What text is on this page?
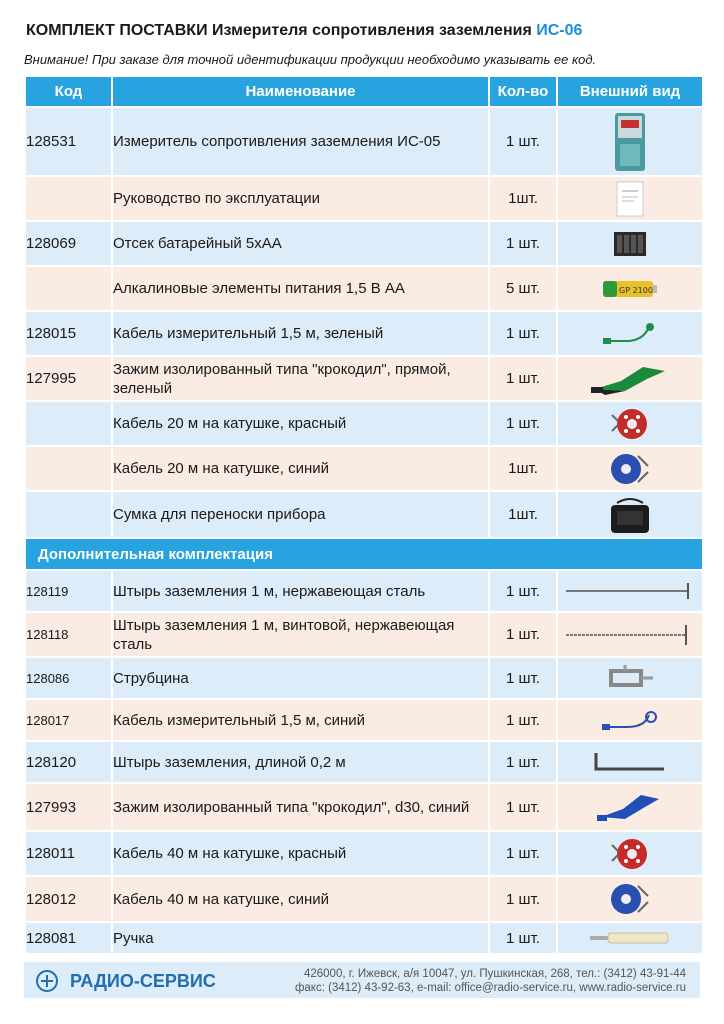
КОМПЛЕКТ ПОСТАВКИ Измерителя сопротивления заземления ИС-06
Внимание! При заказе для точной идентификации продукции необходимо указывать ее код.
Код	Наименование	Кол-во	Внешний вид
128531	Измеритель сопротивления заземления ИС-05	1 шт.	

	Руководство по эксплуатации	1шт.	

128069	Отсек батарейный 5хАА	1 шт.	

	Алкалиновые элементы питания 1,5 В АА	5 шт.	GP 2100

128015	Кабель измерительный 1,5 м, зеленый	1 шт.	

127995	Зажим изолированный типа "крокодил", прямой, зеленый	1 шт.	

	Кабель 20 м на катушке, красный	1 шт.	

	Кабель 20 м на катушке, синий	1шт.	

	Сумка для переноски прибора	1шт.	

Дополнительная комплектация			
128119	Штырь заземления 1 м, нержавеющая сталь	1 шт.	

128118	Штырь заземления 1 м, винтовой, нержавеющая сталь	1 шт.	

128086	Струбцина	1 шт.	

128017	Кабель измерительный 1,5 м, синий	1 шт.	

128120	Штырь заземления, длиной 0,2 м	1 шт.	

127993	Зажим изолированный типа "крокодил", d30, синий	1 шт.	

128011	Кабель 40 м на катушке, красный	1 шт.	

128012	Кабель 40 м на катушке, синий	1 шт.	

128081	Ручка	1 шт.	
РАДИО-СЕРВИС	426000, г. Ижевск, а/я 10047, ул. Пушкинская, 268, тел.: (3412) 43-91-44
факс: (3412) 43-92-63, e-mail: office@radio-service.ru, www.radio-service.ru
